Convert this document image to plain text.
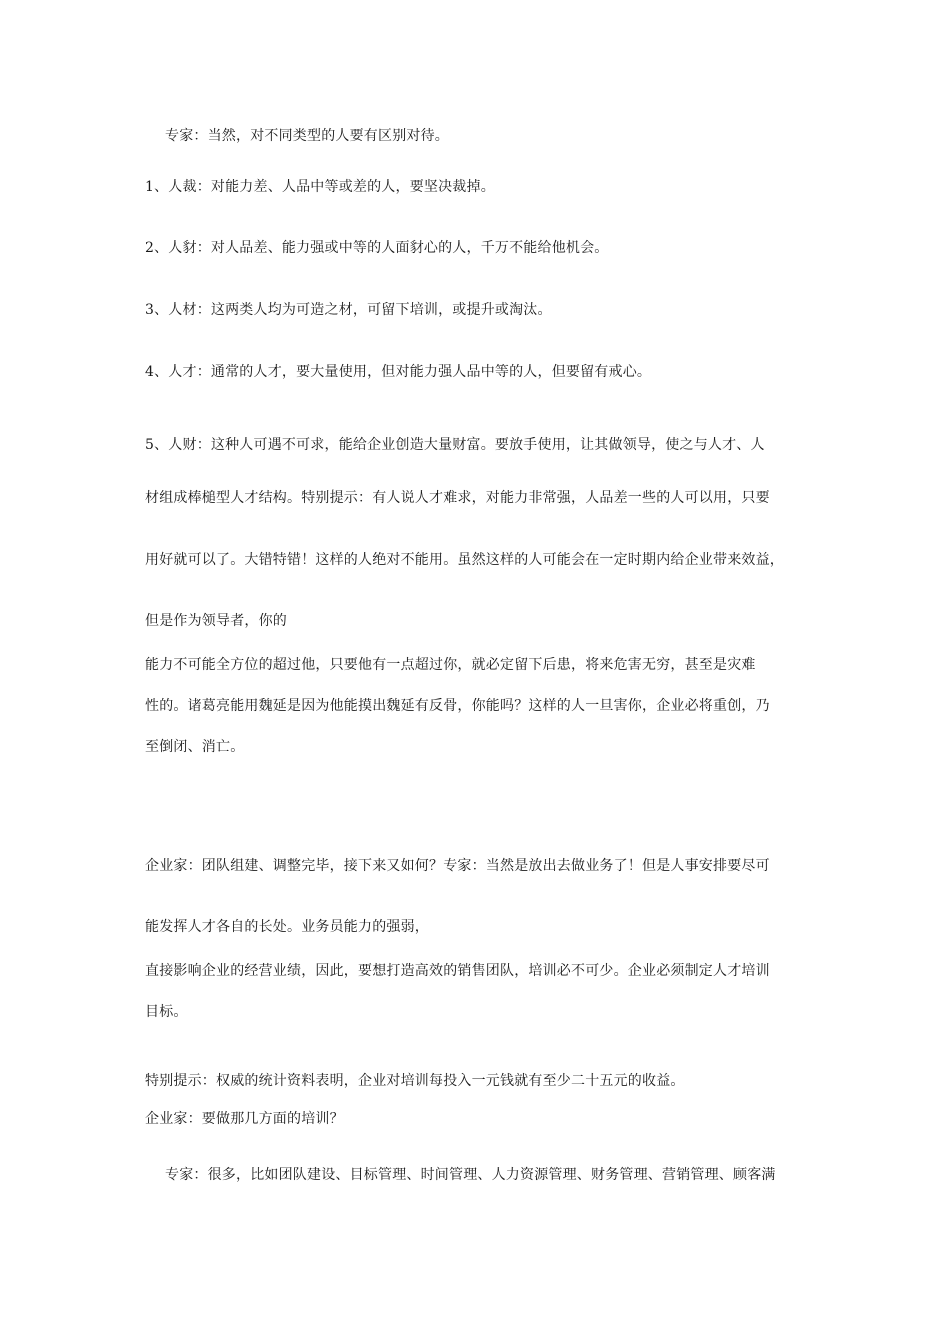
专家：当然，对不同类型的人要有区别对待。
1、人裁：对能力差、人品中等或差的人，要坚决裁掉。
2、人豺：对人品差、能力强或中等的人面豺心的人，千万不能给他机会。
3、人材：这两类人均为可造之材，可留下培训，或提升或淘汰。
4、人才：通常的人才，要大量使用，但对能力强人品中等的人，但要留有戒心。
5、人财：这种人可遇不可求，能给企业创造大量财富。要放手使用，让其做领导，使之与人才、人
材组成棒槌型人才结构。特别提示：有人说人才难求，对能力非常强，人品差一些的人可以用，只要
用好就可以了。大错特错！这样的人绝对不能用。虽然这样的人可能会在一定时期内给企业带来效益，
但是作为领导者，你的
能力不可能全方位的超过他，只要他有一点超过你，就必定留下后患，将来危害无穷，甚至是灾难
性的。诸葛亮能用魏延是因为他能摸出魏延有反骨，你能吗？这样的人一旦害你，企业必将重创，乃
至倒闭、消亡。
企业家：团队组建、调整完毕，接下来又如何？专家：当然是放出去做业务了！但是人事安排要尽可
能发挥人才各自的长处。业务员能力的强弱，
直接影响企业的经营业绩，因此，要想打造高效的销售团队，培训必不可少。企业必须制定人才培训
目标。
特别提示：权威的统计资料表明，企业对培训每投入一元钱就有至少二十五元的收益。
企业家：要做那几方面的培训？
专家：很多，比如团队建设、目标管理、时间管理、人力资源管理、财务管理、营销管理、顾客满
